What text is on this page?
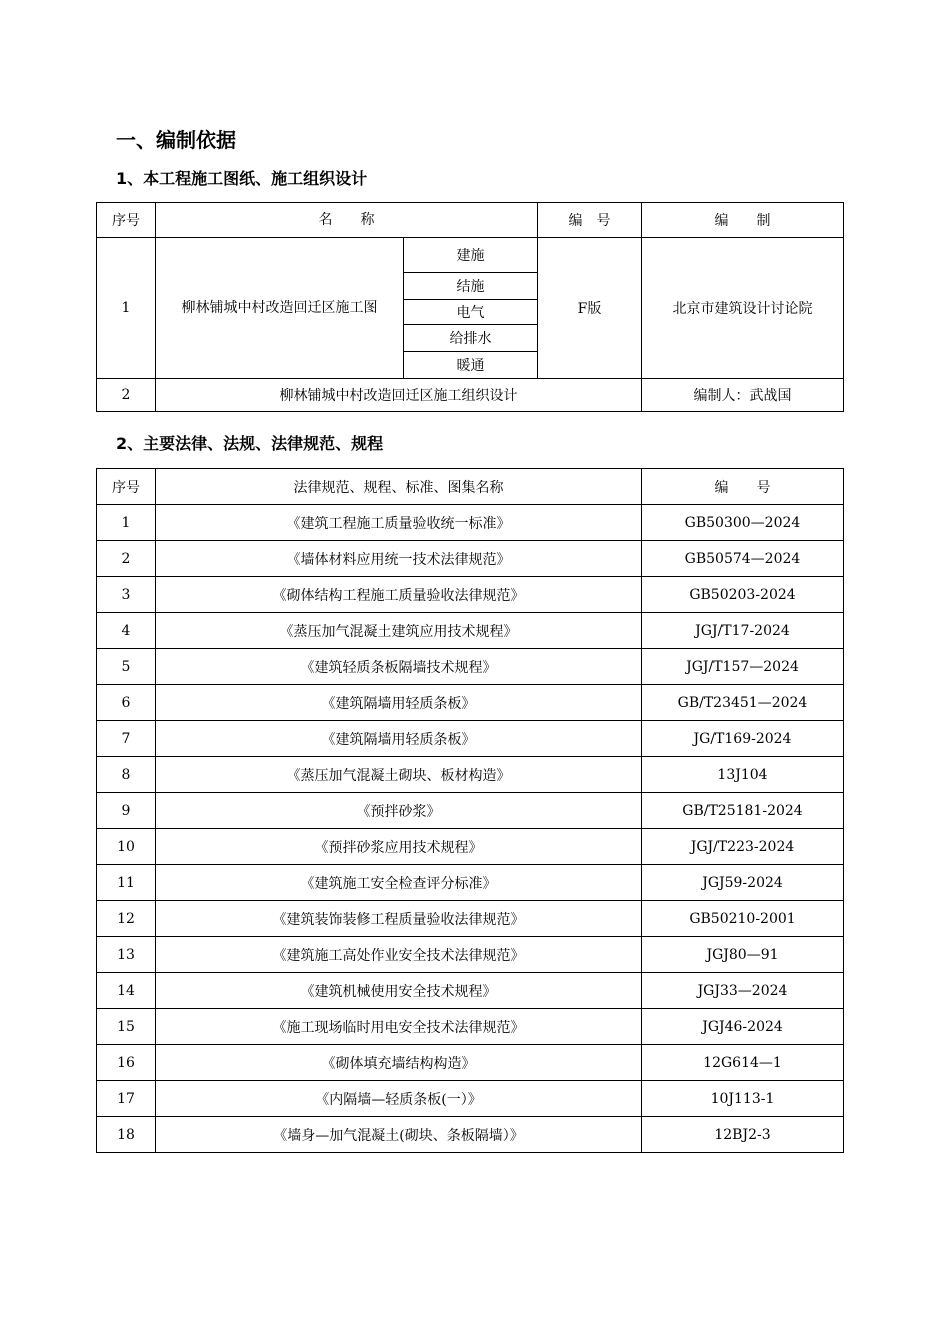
一、编制依据
1、本工程施工图纸、施工组织设计
序号	名　　称		编　号	编　　制
1	柳林铺城中村改造回迁区施工图	建施	F版	北京市建筑设计讨论院
		结施		
		电气		
		给排水		
		暖通		
2	柳林铺城中村改造回迁区施工组织设计			编制人：武战国
2、主要法律、法规、法律规范、规程
序号	法律规范、规程、标准、图集名称	编　　号
1	《建筑工程施工质量验收统一标准》	GB50300—2024
2	《墙体材料应用统一技术法律规范》	GB50574—2024
3	《砌体结构工程施工质量验收法律规范》	GB50203-2024
4	《蒸压加气混凝土建筑应用技术规程》	JGJ/T17-2024
5	《建筑轻质条板隔墙技术规程》	JGJ/T157—2024
6	《建筑隔墙用轻质条板》	GB/T23451—2024
7	《建筑隔墙用轻质条板》	JG/T169-2024
8	《蒸压加气混凝土砌块、板材构造》	13J104
9	《预拌砂浆》	GB/T25181-2024
10	《预拌砂浆应用技术规程》	JGJ/T223-2024
11	《建筑施工安全检查评分标准》	JGJ59-2024
12	《建筑装饰装修工程质量验收法律规范》	GB50210-2001
13	《建筑施工高处作业安全技术法律规范》	JGJ80—91
14	《建筑机械使用安全技术规程》	JGJ33—2024
15	《施工现场临时用电安全技术法律规范》	JGJ46-2024
16	《砌体填充墙结构构造》	12G614—1
17	《内隔墙—轻质条板(一）》	10J113-1
18	《墙身—加气混凝土(砌块、条板隔墙）》	12BJ2-3
